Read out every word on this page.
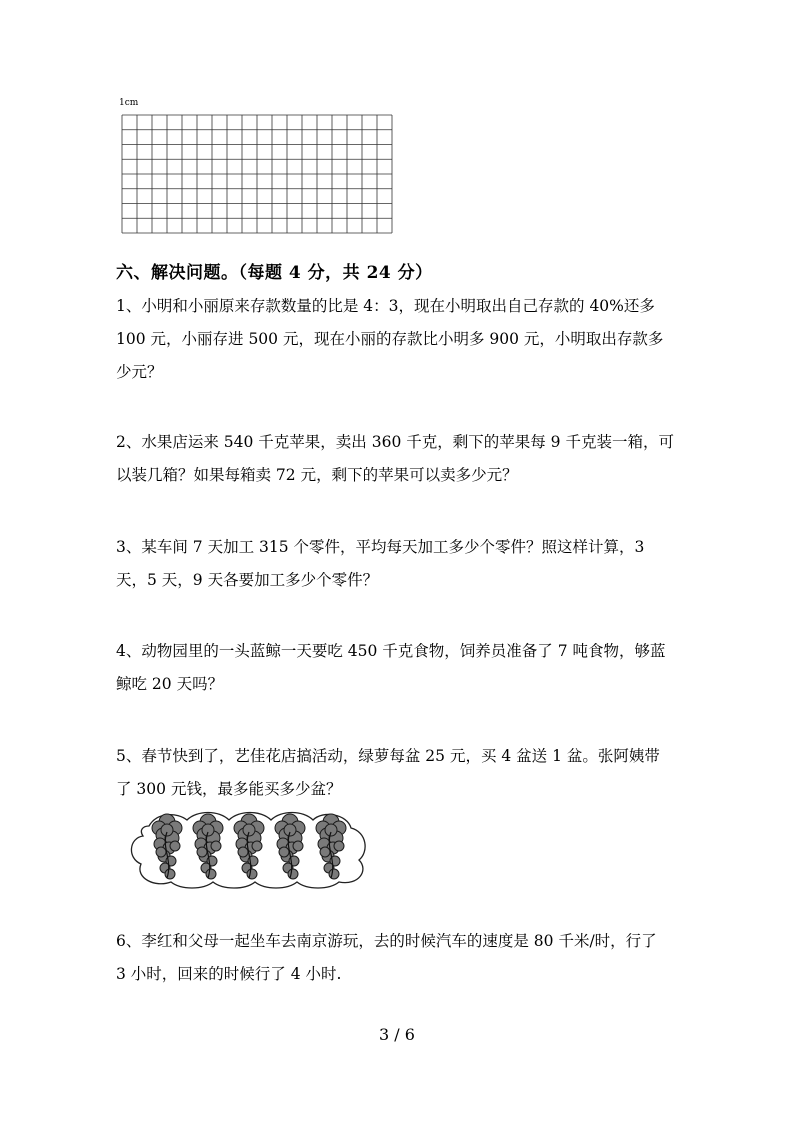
1cm
六、解决问题。（每题 4 分，共 24 分）

1、小明和小丽原来存款数量的比是 4：3，现在小明取出自己存款的 40%还多

100 元，小丽存进 500 元，现在小丽的存款比小明多 900 元，小明取出存款多

少元？

2、水果店运来 540 千克苹果，卖出 360 千克，剩下的苹果每 9 千克装一箱，可

以装几箱？如果每箱卖 72 元，剩下的苹果可以卖多少元？

3、某车间 7 天加工 315 个零件，平均每天加工多少个零件？照这样计算，3

天，5 天，9 天各要加工多少个零件？

4、动物园里的一头蓝鲸一天要吃 450 千克食物，饲养员准备了 7 吨食物，够蓝

鲸吃 20 天吗？

5、春节快到了，艺佳花店搞活动，绿萝每盆 25 元，买 4 盆送 1 盆。张阿姨带

了 300 元钱，最多能买多少盆？

6、李红和父母一起坐车去南京游玩，去的时候汽车的速度是 80 千米/时，行了

3 小时，回来的时候行了 4 小时.

3 / 6
